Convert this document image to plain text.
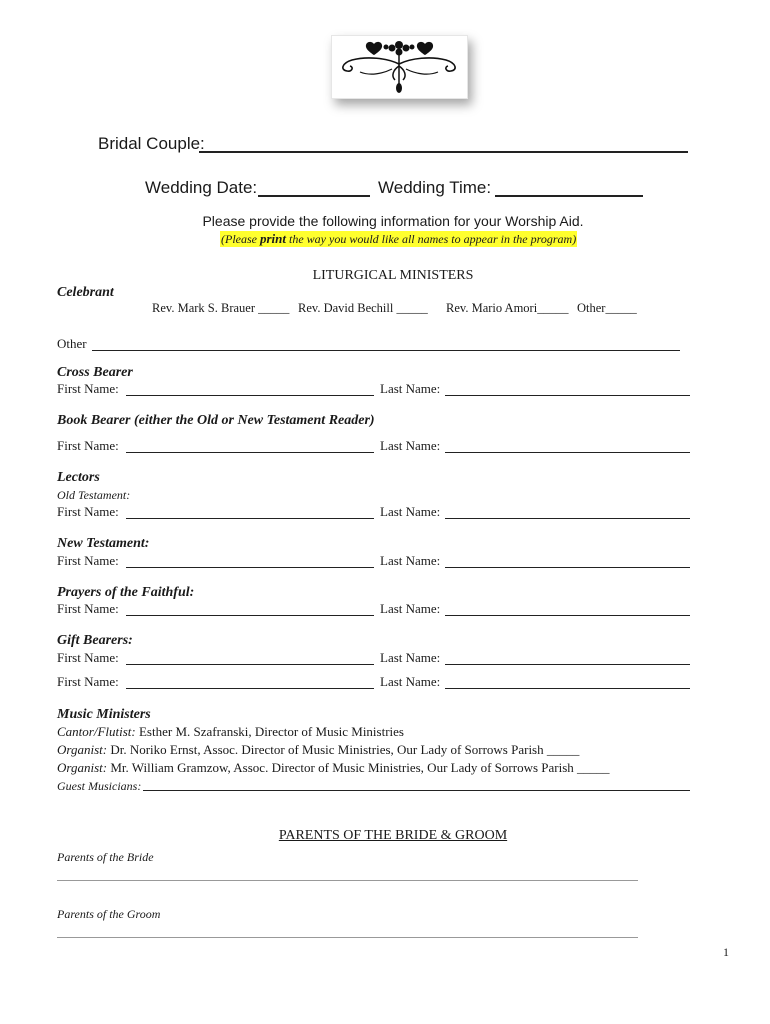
Bridal Couple:
Wedding Date:	Wedding Time:
Please provide the following information for your Worship Aid.
(Please print the way you would like all names to appear in the program)
LITURGICAL MINISTERS
Celebrant
Rev. Mark S. Brauer _____ Rev. David Bechill _____ Rev. Mario Amori_____ Other_____
Other
Cross Bearer
First Name:	Last Name:
Book Bearer (either the Old or New Testament Reader)
First Name:	Last Name:
Lectors
Old Testament:
First Name:	Last Name:
New Testament:
First Name:	Last Name:
Prayers of the Faithful:
First Name:	Last Name:
Gift Bearers:
First Name:	Last Name:
First Name:	Last Name:
Music Ministers
Cantor/Flutist: Esther M. Szafranski, Director of Music Ministries
Organist: Dr. Noriko Ernst, Assoc. Director of Music Ministries, Our Lady of Sorrows Parish _____
Organist: Mr. William Gramzow, Assoc. Director of Music Ministries, Our Lady of Sorrows Parish _____
Guest Musicians:
PARENTS OF THE BRIDE & GROOM
Parents of the Bride
Parents of the Groom
1
